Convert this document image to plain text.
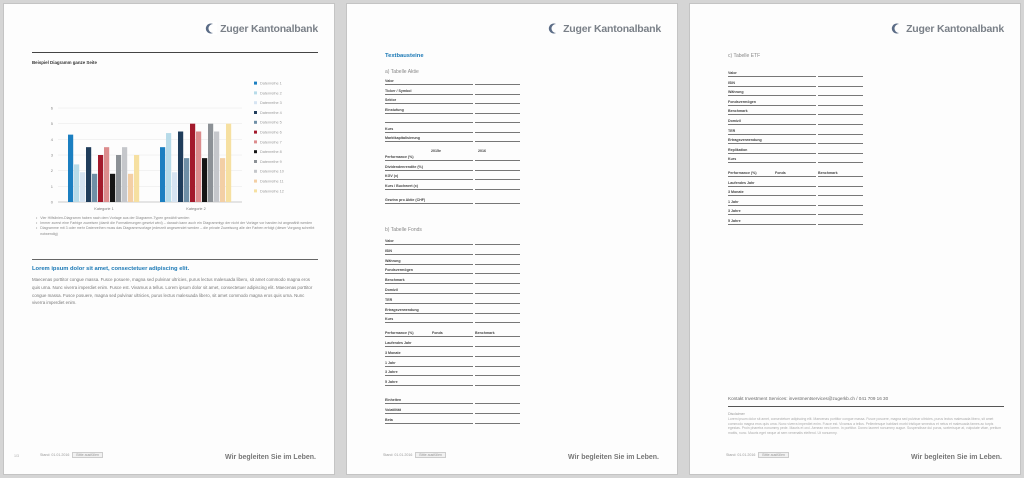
Zuger Kantonalbank
Beispiel Diagramm ganze Seite
0
1
2
3
4
5
6
Kategorie 1	Kategorie 2
Datenreihe 1
Datenreihe 2
Datenreihe 3
Datenreihe 4
Datenreihe 5
Datenreihe 6
Datenreihe 7
Datenreihe 8
Datenreihe 9
Datenreihe 10
Datenreihe 11
Datenreihe 12
• Vier Hilfslinien-Diagramm haben nach dem Vorlage aus der Diagramm-Typen gewählt werden
• Immer zuerst eine Farbige zuweisen (damit die Formatierungen gesetzt wird) – danach kann auch ein Diagrammtyp der nicht der Vorlage vor handen ist angewählt werden
• Diagramme mit 3 oder mehr Datenreihen muss das Diagrammvorlage jederzeit angewendet werden – die private Zuweisung alle der Farben erfolgt (dieser Vorgang schreibt notwendig)
Lorem ipsum dolor sit amet, consectetuer adipiscing elit.
Maecenas porttitor congue massa. Fusce posuere, magna sed pulvinar ultricies, purus lectus malesuada libero, sit amet commodo magna eros quis urna. Nunc viverra imperdiet enim. Fusce est. Vivamus a tellus. Lorem ipsum dolor sit amet, consectetuer adipiscing elit. Maecenas porttitor congue massa. Fusce posuere, magna sed pulvinar ultricies, purus lectus malesuada libero, sit amet commodo magna eros quis urna. Nunc viverra imperdiet enim.
1/3	Stand: 01.01.2016	Bitte ausfüllen	Wir begleiten Sie im Leben.
Zuger Kantonalbank
Textbausteine
a) Tabelle Aktie
b) Tabelle Fonds
Stand: 01.01.2016	Bitte ausfüllen	Wir begleiten Sie im Leben.
Valor
Ticker / Symbol
Sektor
Einstufung
Kurs
Marktkapitalisierung
2015e	2016
Performance (%)
Dividendenrendite (%)
KGV (x)
Kurs / Buchwert (x)
Gewinn pro Aktie (CHF)
Valor
ISIN
Währung
Fondsvermögen
Benchmark
Domizil
TER
Ertragsverwendung
Kurs
Performance (%)	Fonds	Benchmark
Laufendes Jahr
3 Monate
1 Jahr
3 Jahre
5 Jahre
Einheiten
Volatilität
Beta
Zuger Kantonalbank
c) Tabelle ETF
Kontakt Investment Services: investmentservices@zugerkb.ch / 041 709 16 30
Disclaimer
Lorem ipsum dolor sit amet, consectetuer adipiscing elit. Maecenas porttitor congue massa. Fusce posuere, magna sed pulvinar ultricies, purus lectus malesuada libero, sit amet commodo magna eros quis urna. Nunc viverra imperdiet enim. Fusce est. Vivamus a tellus. Pellentesque habitant morbi tristique senectus et netus et malesuada fames ac turpis egestas. Proin pharetra nonummy pede. Mauris et orci. Aenean nec lorem. In porttitor. Donec laoreet nonummy augue. Suspendisse dui purus, scelerisque at, vulputate vitae, pretium mattis, nunc. Mauris eget neque at sem venenatis eleifend. Ut nonummy.
Stand: 01.01.2016	Bitte ausfüllen	Wir begleiten Sie im Leben.
Valor
ISIN
Währung
Fondsvermögen
Benchmark
Domizil
TER
Ertragsverwendung
Replikation
Kurs
Performance (%)	Fonds	Benchmark
Laufendes Jahr
3 Monate
1 Jahr
3 Jahre
5 Jahre
